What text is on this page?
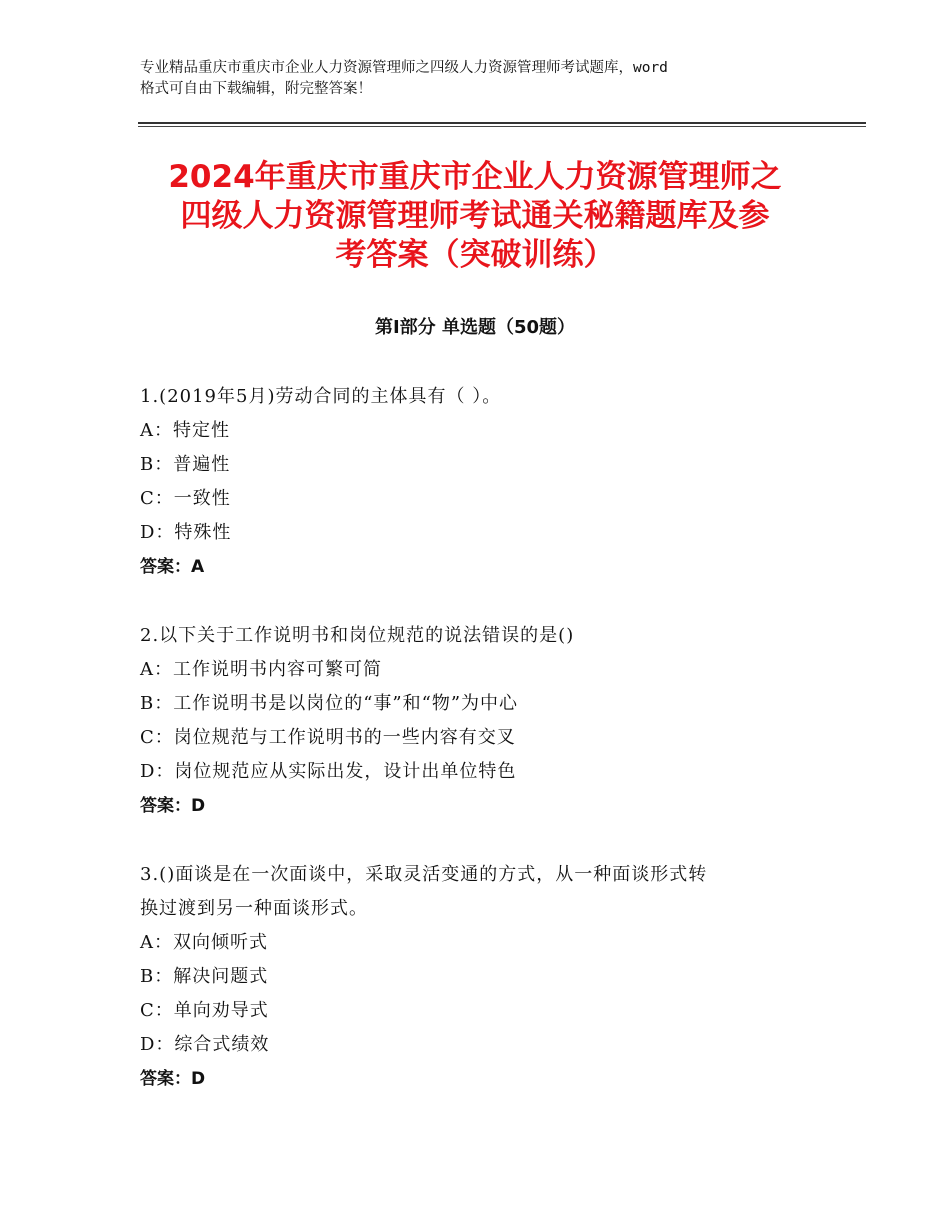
专业精品重庆市重庆市企业人力资源管理师之四级人力资源管理师考试题库，word
格式可自由下载编辑，附完整答案！
2024年重庆市重庆市企业人力资源管理师之
四级人力资源管理师考试通关秘籍题库及参
考答案（突破训练）
第Ⅰ部分 单选题（50题）
1.(2019年5月)劳动合同的主体具有（ ）。
A：特定性
B：普遍性
C：一致性
D：特殊性
答案：A
2.以下关于工作说明书和岗位规范的说法错误的是()
A：工作说明书内容可繁可简
B：工作说明书是以岗位的“事”和“物”为中心
C：岗位规范与工作说明书的一些内容有交叉
D：岗位规范应从实际出发，设计出单位特色
答案：D
3.()面谈是在一次面谈中，采取灵活变通的方式，从一种面谈形式转
换过渡到另一种面谈形式。
A：双向倾听式
B：解决问题式
C：单向劝导式
D：综合式绩效
答案：D
